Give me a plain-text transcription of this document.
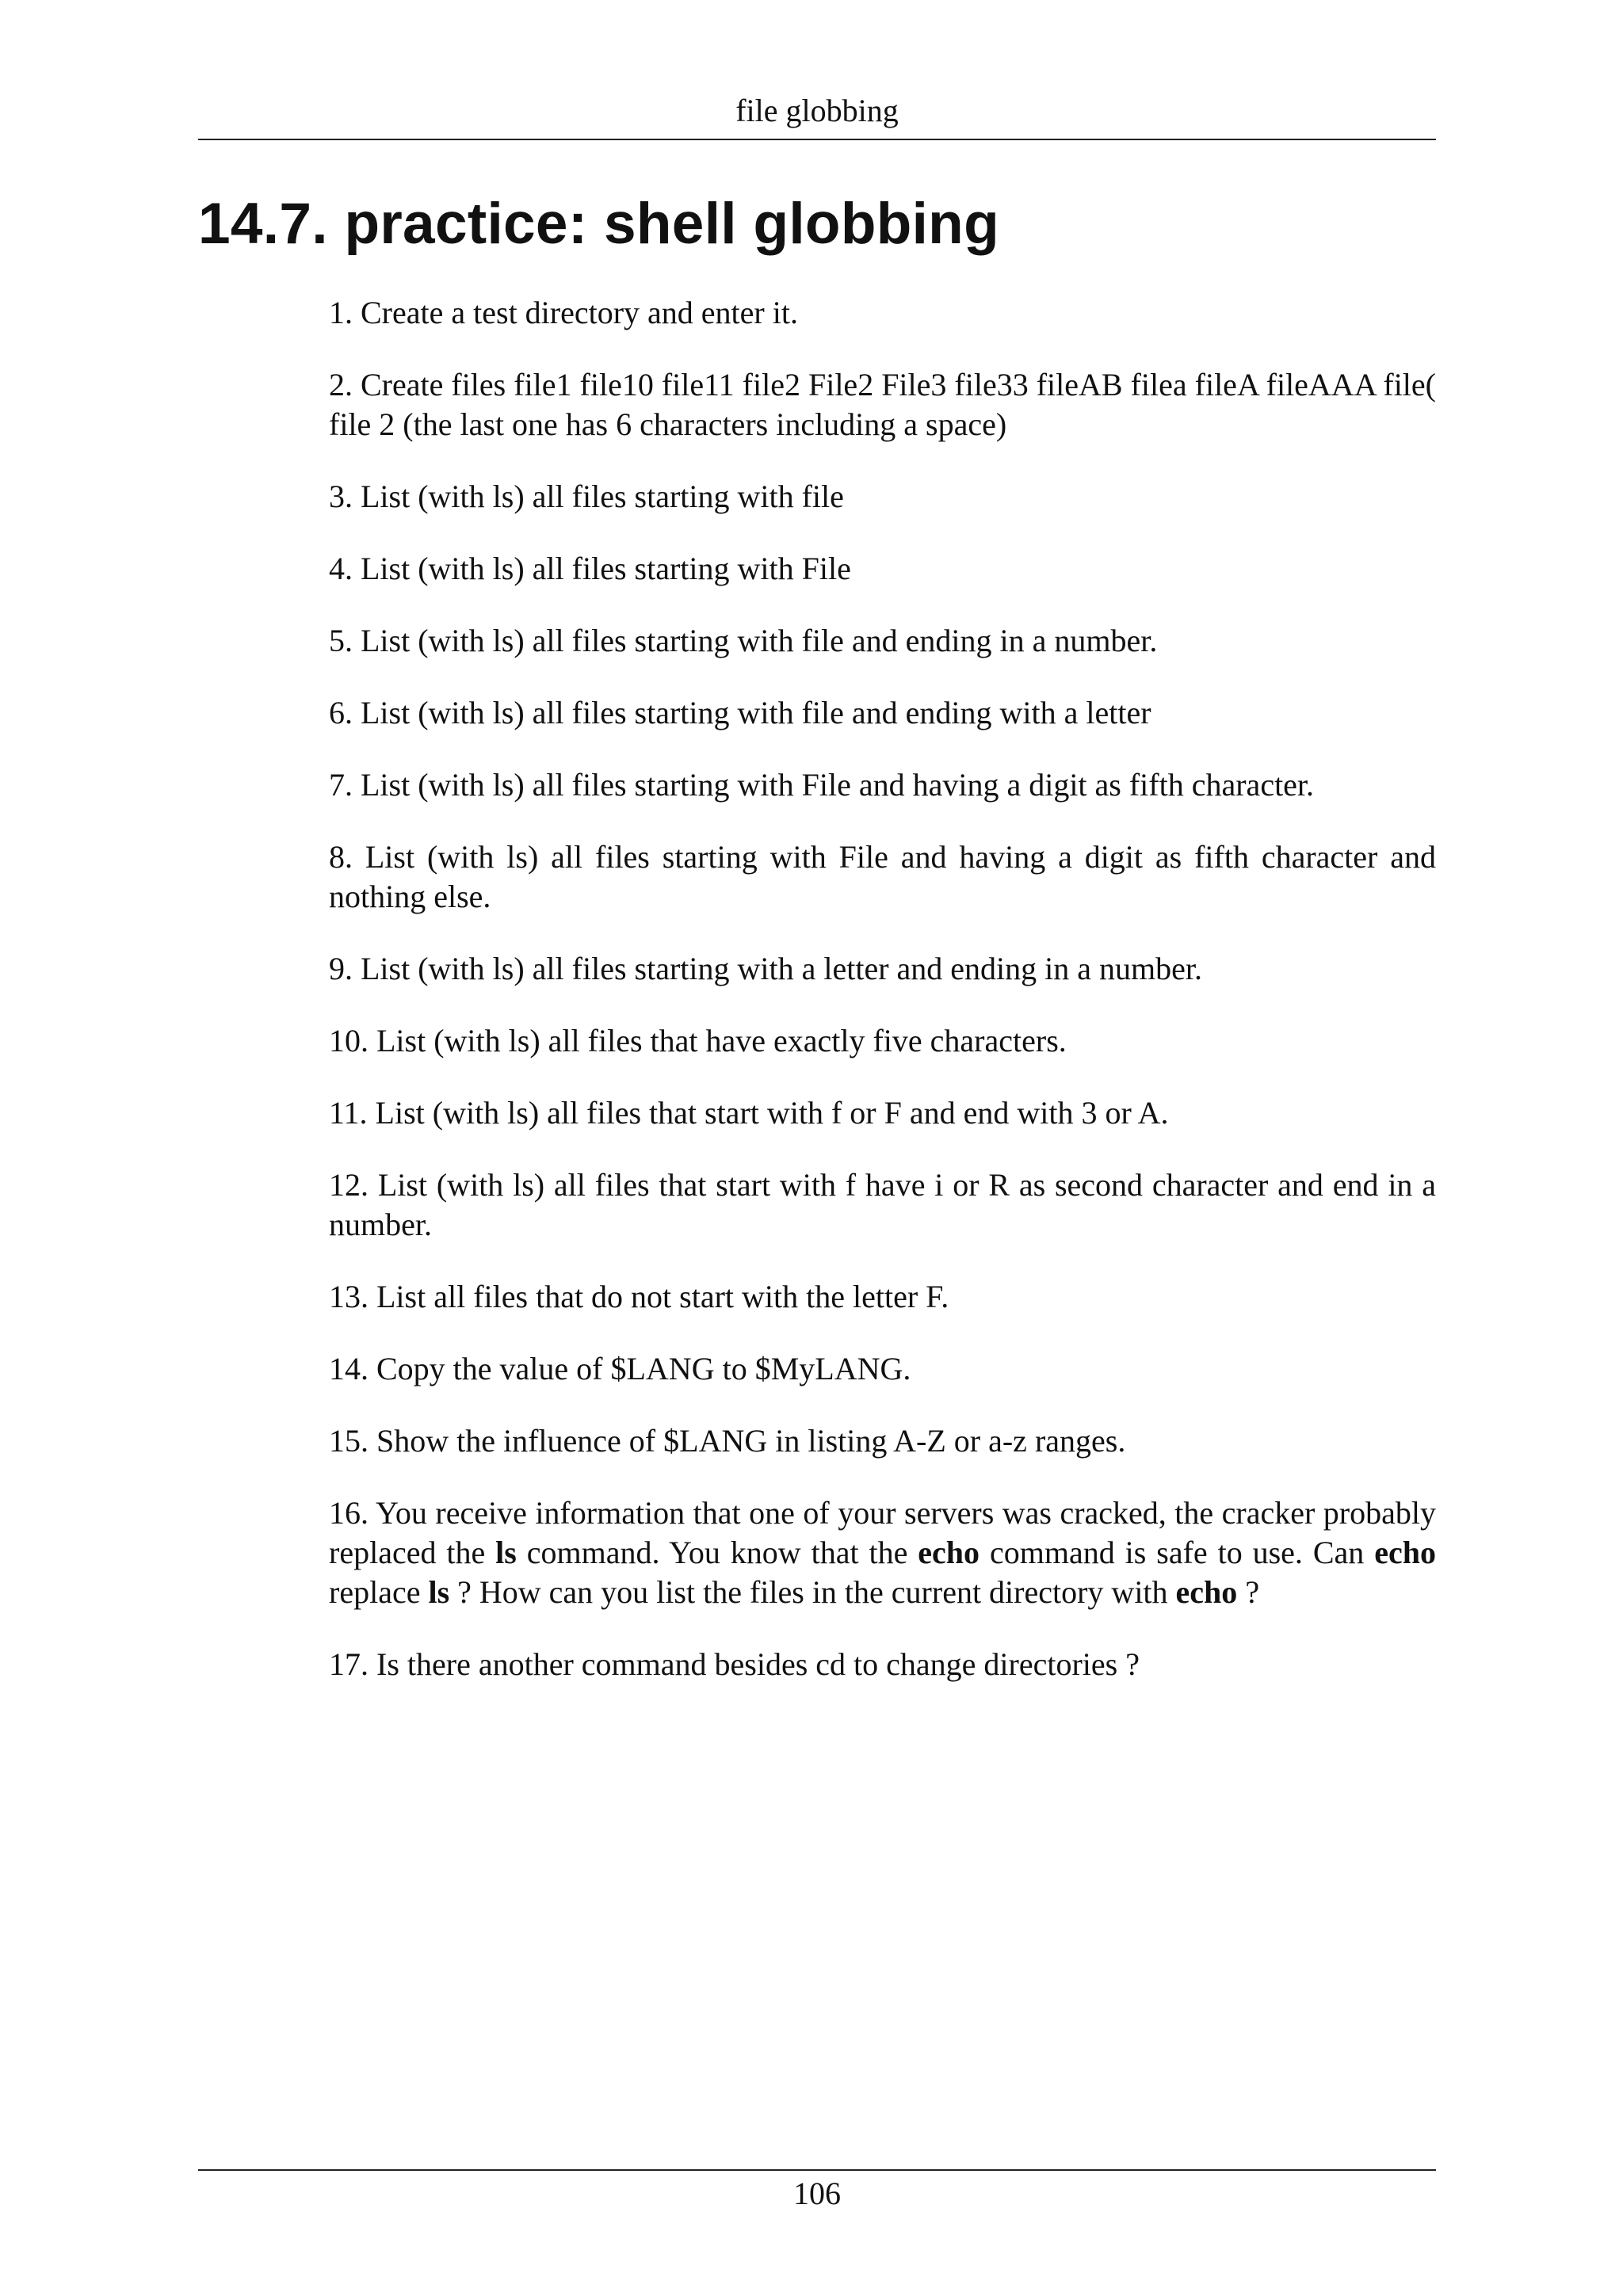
file globbing
14.7. practice: shell globbing
1. Create a test directory and enter it.
2. Create files file1 file10 file11 file2 File2 File3 file33 fileAB filea fileA fileAAA file( file 2 (the last one has 6 characters including a space)
3. List (with ls) all files starting with file
4. List (with ls) all files starting with File
5. List (with ls) all files starting with file and ending in a number.
6. List (with ls) all files starting with file and ending with a letter
7. List (with ls) all files starting with File and having a digit as fifth character.
8. List (with ls) all files starting with File and having a digit as fifth character and nothing else.
9. List (with ls) all files starting with a letter and ending in a number.
10. List (with ls) all files that have exactly five characters.
11. List (with ls) all files that start with f or F and end with 3 or A.
12. List (with ls) all files that start with f have i or R as second character and end in a number.
13. List all files that do not start with the letter F.
14. Copy the value of $LANG to $MyLANG.
15. Show the influence of $LANG in listing A-Z or a-z ranges.
16. You receive information that one of your servers was cracked, the cracker probably replaced the ls command. You know that the echo command is safe to use. Can echo replace ls ? How can you list the files in the current directory with echo ?
17. Is there another command besides cd to change directories ?
106
